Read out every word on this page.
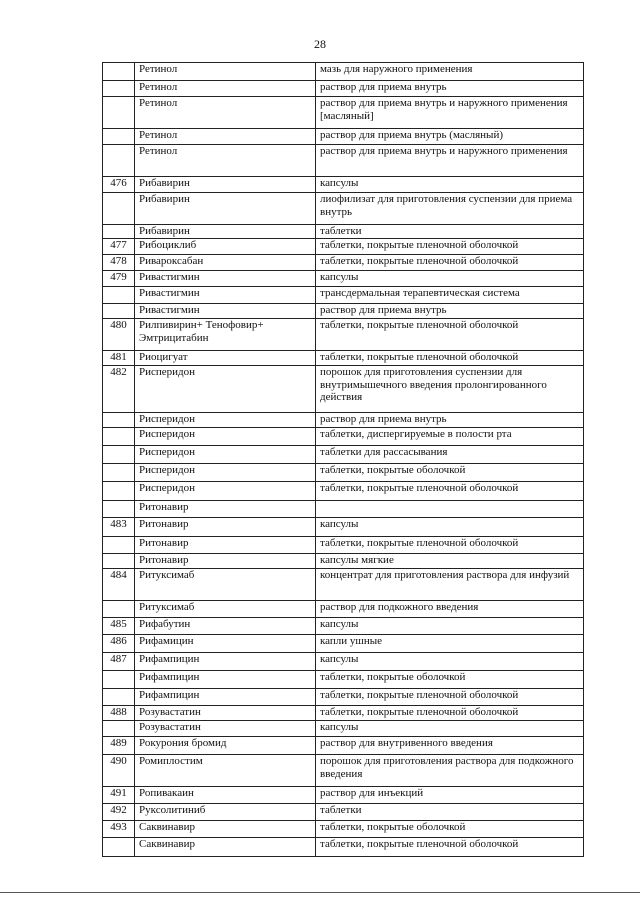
28
	Ретинол	мазь для наружного применения
	Ретинол	раствор для приема внутрь
	Ретинол	раствор для приема внутрь и наружного применения [масляный]
	Ретинол	раствор для приема внутрь (масляный)
	Ретинол	раствор для приема внутрь и наружного применения
476	Рибавирин	капсулы
	Рибавирин	лиофилизат для приготовления суспензии для приема внутрь
	Рибавирин	таблетки
477	Рибоциклиб	таблетки, покрытые пленочной оболочкой
478	Ривароксабан	таблетки, покрытые пленочной оболочкой
479	Ривастигмин	капсулы
	Ривастигмин	трансдермальная терапевтическая система
	Ривастигмин	раствор для приема внутрь
480	Рилпивирин+ Тенофовир+ Эмтрицитабин	таблетки, покрытые пленочной оболочкой
481	Риоцигуат	таблетки, покрытые пленочной оболочкой
482	Рисперидон	порошок для приготовления суспензии для внутримышечного введения пролонгированного действия
	Рисперидон	раствор для приема внутрь
	Рисперидон	таблетки, диспергируемые в полости рта
	Рисперидон	таблетки для рассасывания
	Рисперидон	таблетки, покрытые оболочкой
	Рисперидон	таблетки, покрытые пленочной оболочкой
	Ритонавир	
483	Ритонавир	капсулы
	Ритонавир	таблетки, покрытые пленочной оболочкой
	Ритонавир	капсулы мягкие
484	Ритуксимаб	концентрат для приготовления раствора для инфузий
	Ритуксимаб	раствор для подкожного введения
485	Рифабутин	капсулы
486	Рифамицин	капли ушные
487	Рифампицин	капсулы
	Рифампицин	таблетки, покрытые оболочкой
	Рифампицин	таблетки, покрытые пленочной оболочкой
488	Розувастатин	таблетки, покрытые пленочной оболочкой
	Розувастатин	капсулы
489	Рокурония бромид	раствор для внутривенного введения
490	Ромиплостим	порошок для приготовления раствора для подкожного введения
491	Ропивакаин	раствор для инъекций
492	Руксолитиниб	таблетки
493	Саквинавир	таблетки, покрытые оболочкой
	Саквинавир	таблетки, покрытые пленочной оболочкой
